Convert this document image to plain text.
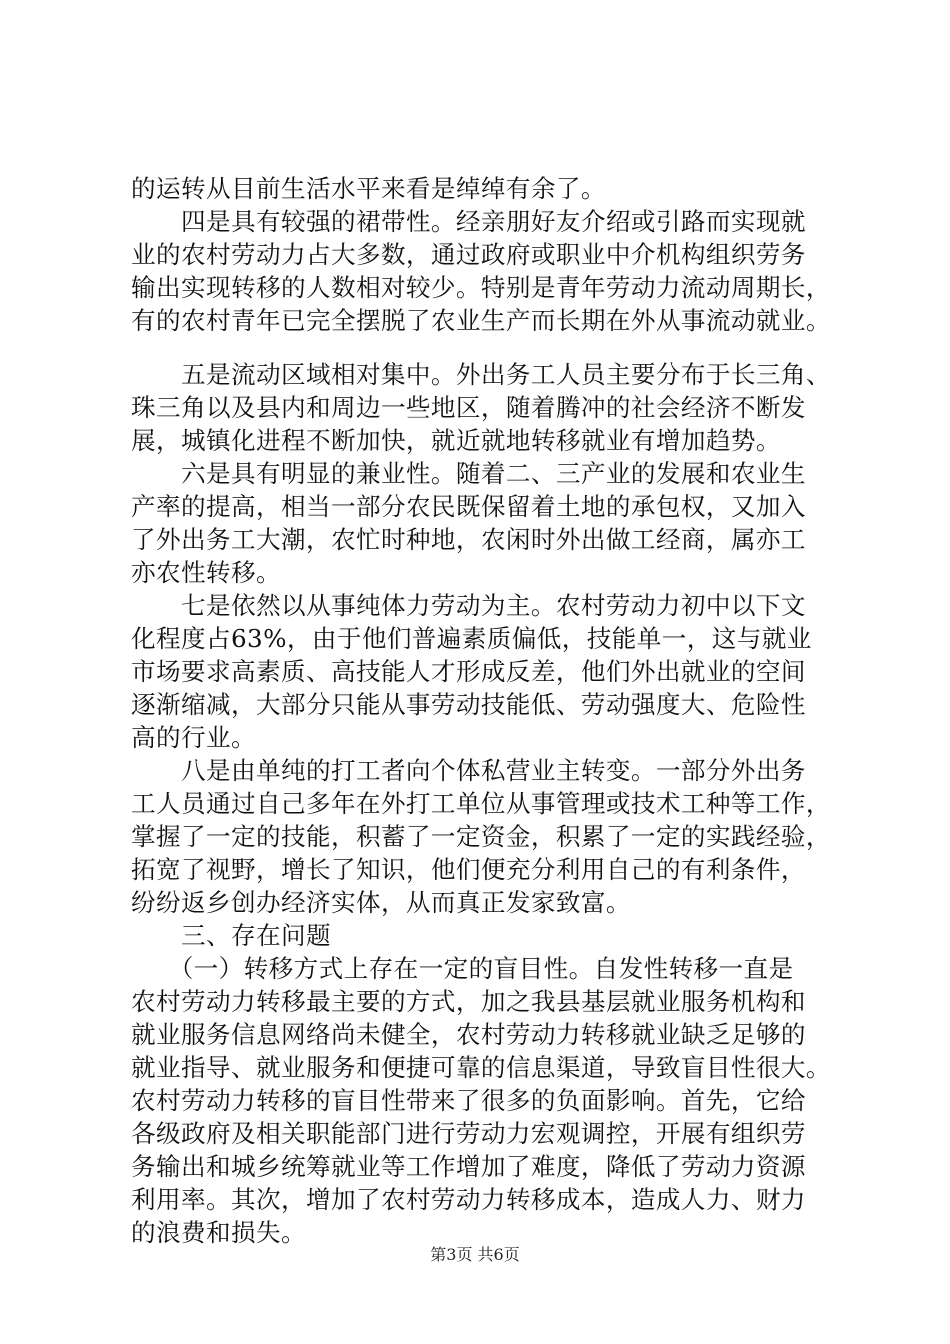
的运转从目前生活水平来看是绰绰有余了。
　　四是具有较强的裙带性。经亲朋好友介绍或引路而实现就
业的农村劳动力占大多数，通过政府或职业中介机构组织劳务
输出实现转移的人数相对较少。特别是青年劳动力流动周期长，
有的农村青年已完全摆脱了农业生产而长期在外从事流动就业。
　　五是流动区域相对集中。外出务工人员主要分布于长三角、
珠三角以及县内和周边一些地区，随着腾冲的社会经济不断发
展，城镇化进程不断加快，就近就地转移就业有增加趋势。
　　六是具有明显的兼业性。随着二、三产业的发展和农业生
产率的提高，相当一部分农民既保留着土地的承包权，又加入
了外出务工大潮，农忙时种地，农闲时外出做工经商，属亦工
亦农性转移。
　　七是依然以从事纯体力劳动为主。农村劳动力初中以下文
化程度占63%，由于他们普遍素质偏低，技能单一，这与就业
市场要求高素质、高技能人才形成反差，他们外出就业的空间
逐渐缩减，大部分只能从事劳动技能低、劳动强度大、危险性
高的行业。
　　八是由单纯的打工者向个体私营业主转变。一部分外出务
工人员通过自己多年在外打工单位从事管理或技术工种等工作，
掌握了一定的技能，积蓄了一定资金，积累了一定的实践经验，
拓宽了视野，增长了知识，他们便充分利用自己的有利条件，
纷纷返乡创办经济实体，从而真正发家致富。
　　三、存在问题
　　（一）转移方式上存在一定的盲目性。自发性转移一直是
农村劳动力转移最主要的方式，加之我县基层就业服务机构和
就业服务信息网络尚未健全，农村劳动力转移就业缺乏足够的
就业指导、就业服务和便捷可靠的信息渠道，导致盲目性很大。
农村劳动力转移的盲目性带来了很多的负面影响。首先，它给
各级政府及相关职能部门进行劳动力宏观调控，开展有组织劳
务输出和城乡统筹就业等工作增加了难度，降低了劳动力资源
利用率。其次，增加了农村劳动力转移成本，造成人力、财力
的浪费和损失。
第3页 共6页
